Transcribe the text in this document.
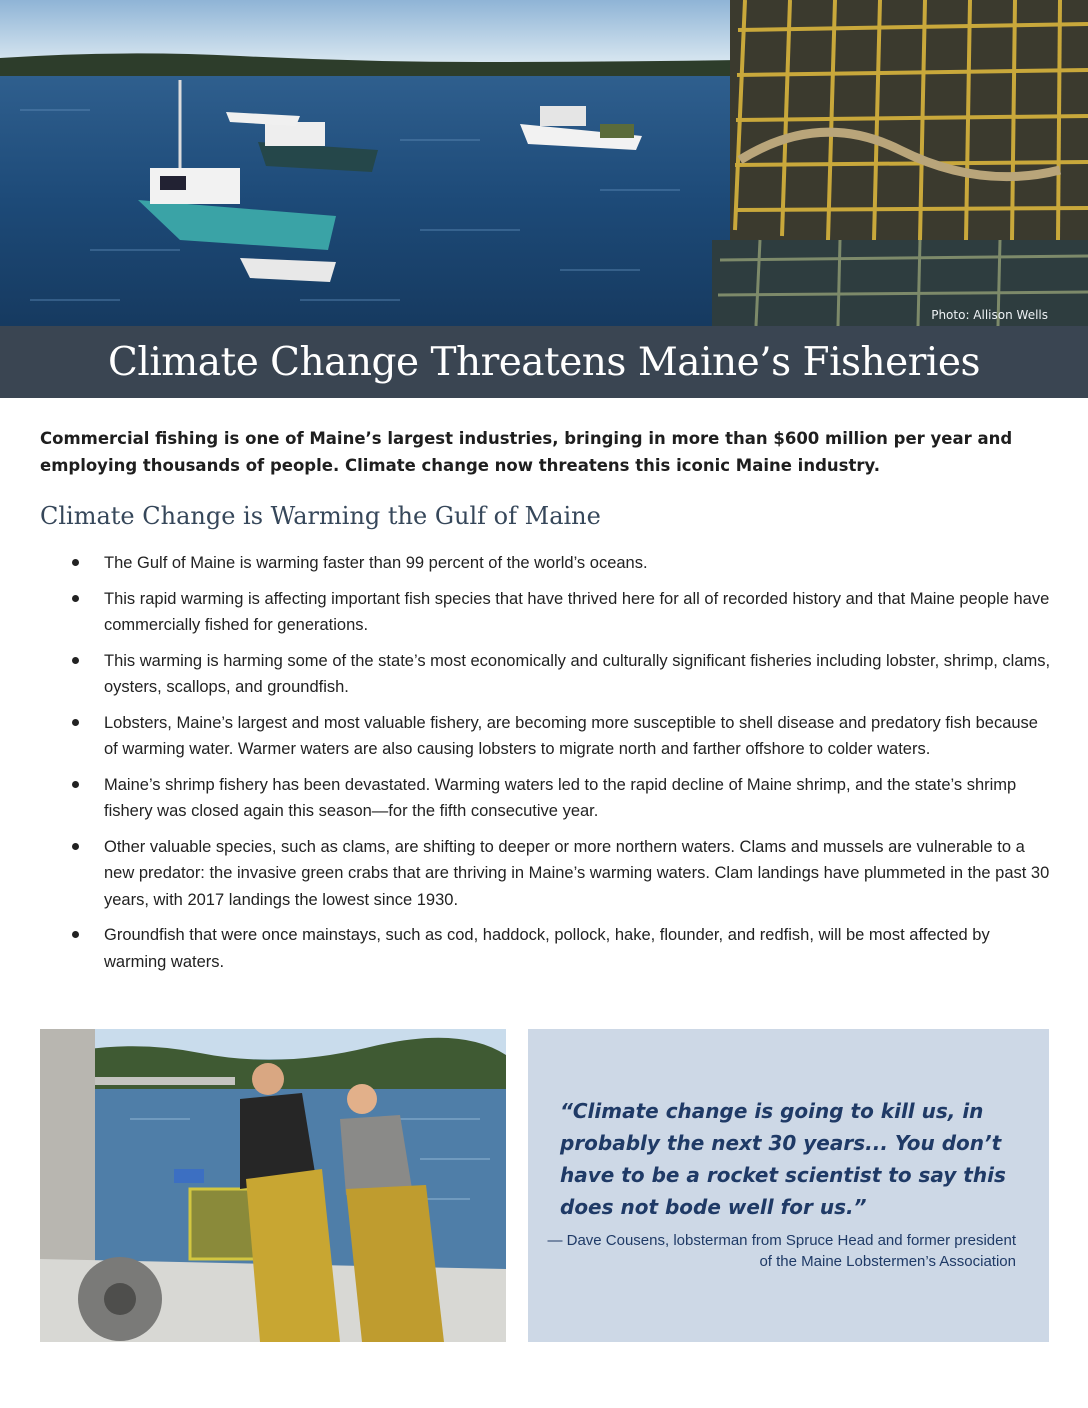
Photo: Allison Wells
Climate Change Threatens Maine’s Fisheries

Commercial fishing is one of Maine’s largest industries, bringing in more than $600 million per year and employing thousands of people. Climate change now threatens this iconic Maine industry.

Climate Change is Warming the Gulf of Maine
The Gulf of Maine is warming faster than 99 percent of the world’s oceans.
This rapid warming is affecting important fish species that have thrived here for all of recorded history and that Maine people have commercially fished for generations.
This warming is harming some of the state’s most economically and culturally significant fisheries including lobster, shrimp, clams, oysters, scallops, and groundfish.
Lobsters, Maine’s largest and most valuable fishery, are becoming more susceptible to shell disease and predatory fish because of warming water. Warmer waters are also causing lobsters to migrate north and farther offshore to colder waters.
Maine’s shrimp fishery has been devastated. Warming waters led to the rapid decline of Maine shrimp, and the state’s shrimp fishery was closed again this season—for the fifth consecutive year.
Other valuable species, such as clams, are shifting to deeper or more northern waters. Clams and mussels are vulnerable to a new predator: the invasive green crabs that are thriving in Maine’s warming waters. Clam landings have plummeted in the past 30 years, with 2017 landings the lowest since 1930.
Groundfish that were once mainstays, such as cod, haddock, pollock, hake, flounder, and redfish, will be most affected by warming waters.

“Climate change is going to kill us, in probably the next 30 years... You don’t have to be a rocket scientist to say this does not bode well for us.”

— Dave Cousens, lobsterman from Spruce Head and former president of the Maine Lobstermen’s Association
